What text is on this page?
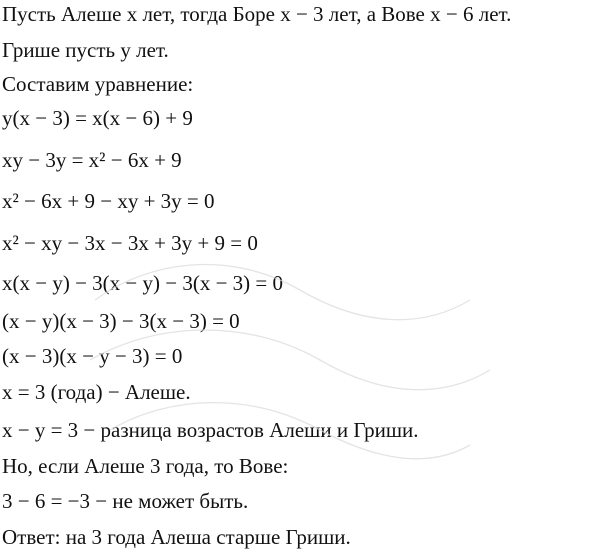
Пусть Алеше x лет, тогда Боре x − 3 лет, а Вове x − 6 лет.
Грише пусть y лет.
Составим уравнение:
y(x − 3) = x(x − 6) + 9
xy − 3y = x² − 6x + 9
x² − 6x + 9 − xy + 3y = 0
x² − xy − 3x − 3x + 3y + 9 = 0
x(x − y) − 3(x − y) − 3(x − 3) = 0
(x − y)(x − 3) − 3(x − 3) = 0
(x − 3)(x − y − 3) = 0
x = 3 (года) − Алеше.
x − y = 3 − разница возрастов Алеши и Гриши.
Но, если Алеше 3 года, то Вове:
3 − 6 = −3 − не может быть.
Ответ: на 3 года Алеша старше Гриши.
